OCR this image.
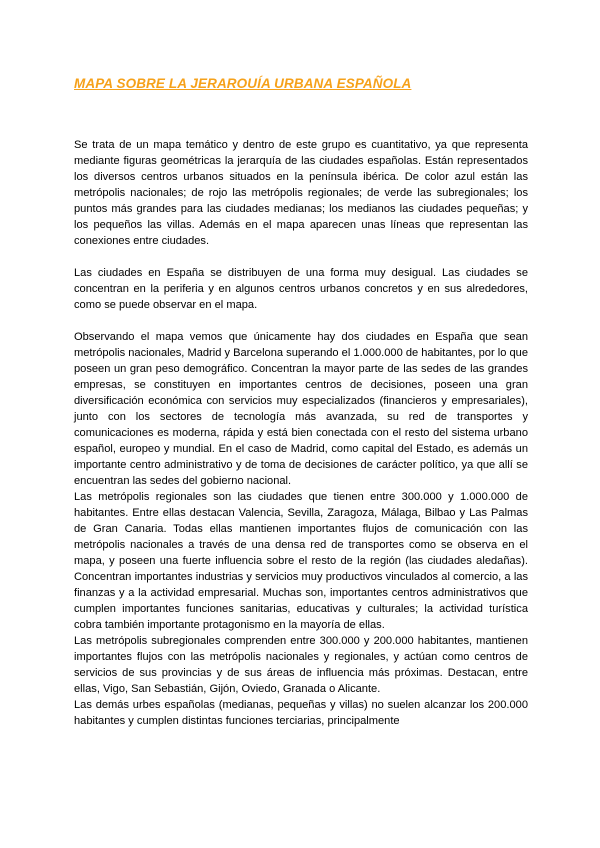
MAPA SOBRE LA JERAROUÍA URBANA ESPAÑOLA

Se trata de un mapa temático y dentro de este grupo es cuantitativo, ya que representa mediante figuras geométricas la jerarquía de las ciudades españolas. Están representados los diversos centros urbanos situados en la península ibérica. De color azul están las metrópolis nacionales; de rojo las metrópolis regionales; de verde las subregionales; los puntos más grandes para las ciudades medianas; los medianos las ciudades pequeñas; y los pequeños las villas. Además en el mapa aparecen unas líneas que representan las conexiones entre ciudades.

Las ciudades en España se distribuyen de una forma muy desigual. Las ciudades se concentran en la periferia y en algunos centros urbanos concretos y en sus alrededores, como se puede observar en el mapa.

Observando el mapa vemos que únicamente hay dos ciudades en España que sean metrópolis nacionales, Madrid y Barcelona superando el 1.000.000 de habitantes, por lo que poseen un gran peso demográfico. Concentran la mayor parte de las sedes de las grandes empresas, se constituyen en importantes centros de decisiones, poseen una gran diversificación económica con servicios muy especializados (financieros y empresariales), junto con los sectores de tecnología más avanzada, su red de transportes y comunicaciones es moderna, rápida y está bien conectada con el resto del sistema urbano español, europeo y mundial. En el caso de Madrid, como capital del Estado, es además un importante centro administrativo y de toma de decisiones de carácter político, ya que allí se encuentran las sedes del gobierno nacional.

Las metrópolis regionales son las ciudades que tienen entre 300.000 y 1.000.000 de habitantes. Entre ellas destacan Valencia, Sevilla, Zaragoza, Málaga, Bilbao y Las Palmas de Gran Canaria. Todas ellas mantienen importantes flujos de comunicación con las metrópolis nacionales a través de una densa red de transportes como se observa en el mapa, y poseen una fuerte influencia sobre el resto de la región (las ciudades aledañas). Concentran importantes industrias y servicios muy productivos vinculados al comercio, a las finanzas y a la actividad empresarial. Muchas son, importantes centros administrativos que cumplen importantes funciones sanitarias, educativas y culturales; la actividad turística cobra también importante protagonismo en la mayoría de ellas.

Las metrópolis subregionales comprenden entre 300.000 y 200.000 habitantes, mantienen importantes flujos con las metrópolis nacionales y regionales, y actúan como centros de servicios de sus provincias y de sus áreas de influencia más próximas. Destacan, entre ellas, Vigo, San Sebastián, Gijón, Oviedo, Granada o Alicante.

Las demás urbes españolas (medianas, pequeñas y villas) no suelen alcanzar los 200.000 habitantes y cumplen distintas funciones terciarias, principalmente
